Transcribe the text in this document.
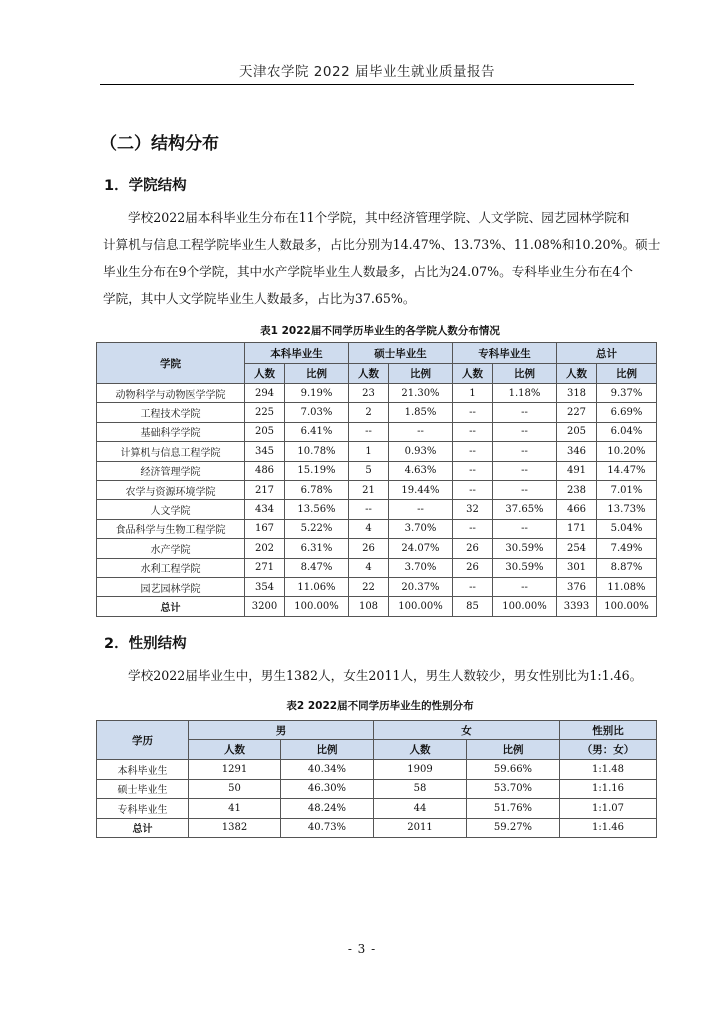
天津农学院 2022 届毕业生就业质量报告
（二）结构分布
1．学院结构
学校2022届本科毕业生分布在11个学院，其中经济管理学院、人文学院、园艺园林学院和
计算机与信息工程学院毕业生人数最多，占比分别为14.47%、13.73%、11.08%和10.20%。硕士
毕业生分布在9个学院，其中水产学院毕业生人数最多，占比为24.07%。专科毕业生分布在4个
学院，其中人文学院毕业生人数最多，占比为37.65%。
表1 2022届不同学历毕业生的各学院人数分布情况
学院	本科毕业生		硕士毕业生		专科毕业生		总计	
	人数	比例	人数	比例	人数	比例	人数	比例
动物科学与动物医学学院	294	9.19%	23	21.30%	1	1.18%	318	9.37%
工程技术学院	225	7.03%	2	1.85%	--	--	227	6.69%
基础科学学院	205	6.41%	--	--	--	--	205	6.04%
计算机与信息工程学院	345	10.78%	1	0.93%	--	--	346	10.20%
经济管理学院	486	15.19%	5	4.63%	--	--	491	14.47%
农学与资源环境学院	217	6.78%	21	19.44%	--	--	238	7.01%
人文学院	434	13.56%	--	--	32	37.65%	466	13.73%
食品科学与生物工程学院	167	5.22%	4	3.70%	--	--	171	5.04%
水产学院	202	6.31%	26	24.07%	26	30.59%	254	7.49%
水利工程学院	271	8.47%	4	3.70%	26	30.59%	301	8.87%
园艺园林学院	354	11.06%	22	20.37%	--	--	376	11.08%
总计	3200	100.00%	108	100.00%	85	100.00%	3393	100.00%
2．性别结构
学校2022届毕业生中，男生1382人，女生2011人，男生人数较少，男女性别比为1:1.46。
表2 2022届不同学历毕业生的性别分布
学历	男		女		性别比
	人数	比例	人数	比例	（男：女）
本科毕业生	1291	40.34%	1909	59.66%	1:1.48
硕士毕业生	50	46.30%	58	53.70%	1:1.16
专科毕业生	41	48.24%	44	51.76%	1:1.07
总计	1382	40.73%	2011	59.27%	1:1.46
- 3 -
